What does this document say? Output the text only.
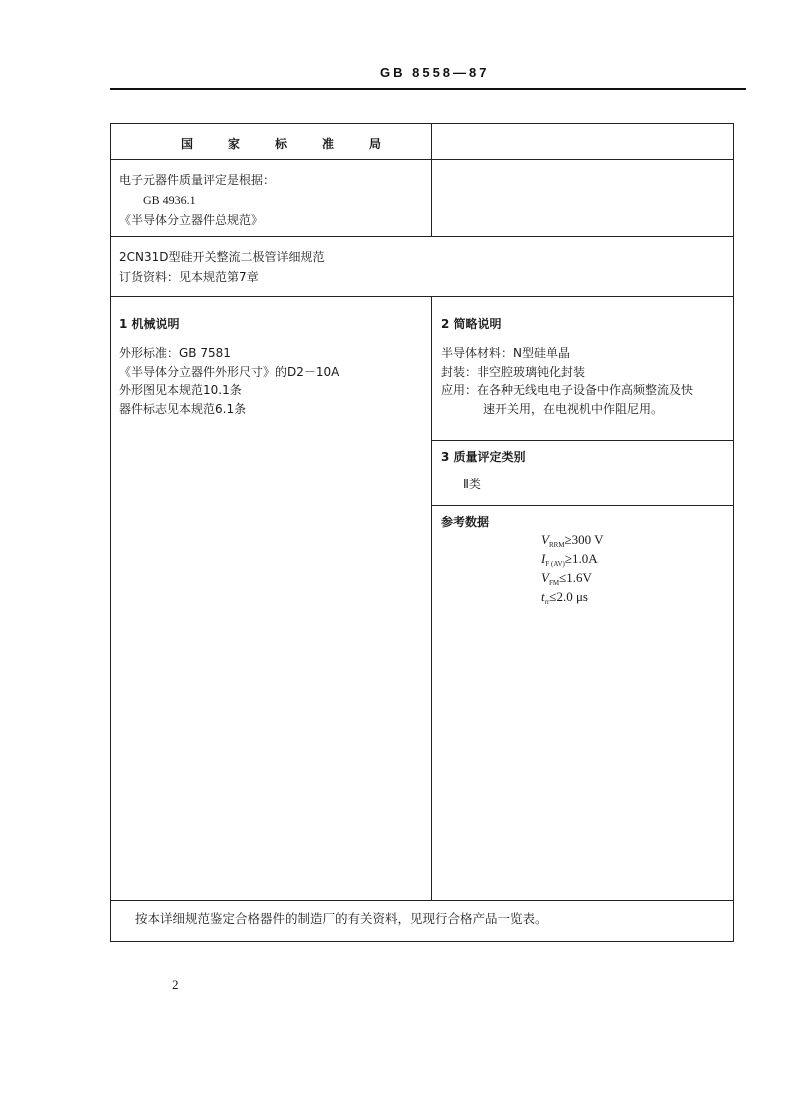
GB 8558—87
国	家	标	准	局
电子元器件质量评定是根据：
GB 4936.1
《半导体分立器件总规范》
2CN31D型硅开关整流二极管详细规范
订货资料：见本规范第7章
1 机械说明
外形标准：GB 7581
《半导体分立器件外形尺寸》的D2－10A
外形图见本规范10.1条
器件标志见本规范6.1条
2 简略说明
半导体材料：N型硅单晶
封装：非空腔玻璃钝化封装
应用：在各种无线电电子设备中作高频整流及快
速开关用，在电视机中作阻尼用。
3 质量评定类别
Ⅱ类
参考数据
$V_{RRM}\ge 300$ V
$I_{F (AV)}\ge 1.0A$
$V_{FM}\le 1.6V$
$t_{rr}\le 2.0$ μs
按本详细规范鉴定合格器件的制造厂的有关资料，见现行合格产品一览表。
2
